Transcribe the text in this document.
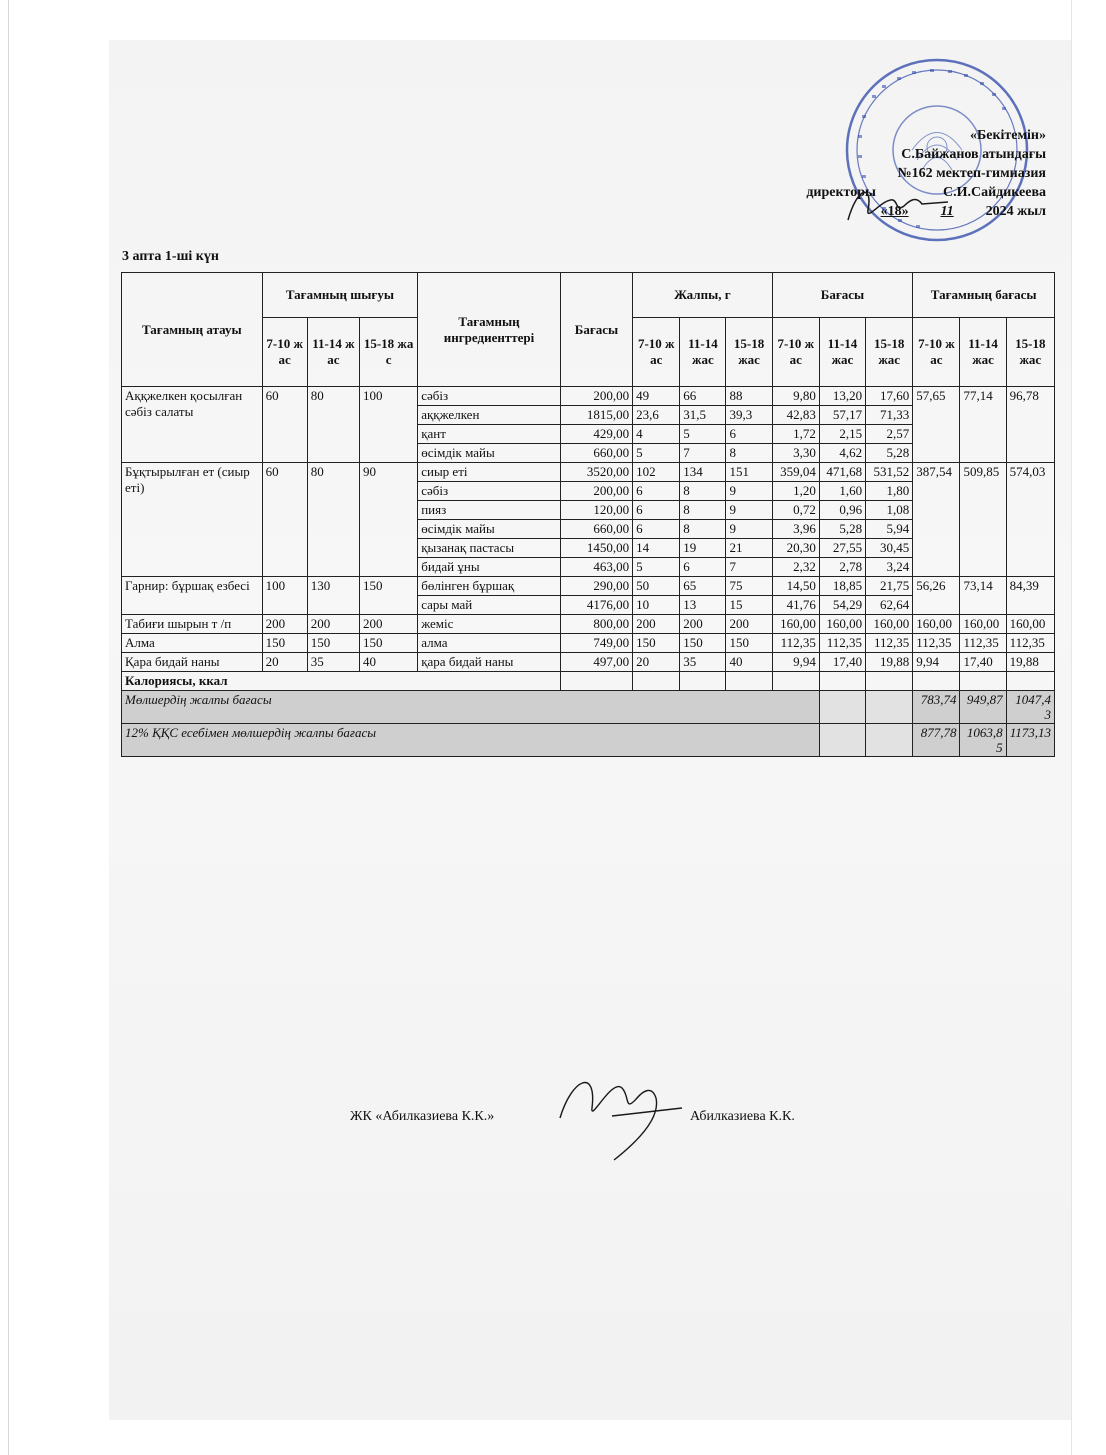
«Бекітемін»
С.Байжанов атындағы
№162 мектеп-гимназия
директоры	С.И.Сайдикеева
«18» 11 2024 жыл
3 апта 1-ші күн
Тағамның атауы	Тағамның шығуы			Тағамның ингредиенттері	Бағасы	Жалпы, г			Бағасы			Тағамның бағасы		
	7-10 жас	11-14 жас	15-18 жас			7-10 жас	11-14 жас	15-18 жас	7-10 жас	11-14 жас	15-18 жас	7-10 жас	11-14 жас	15-18 жас
Аққжелкен қосылған сәбіз салаты	60	80	100	сәбіз	200,00	49	66	88	9,80	13,20	17,60	57,65	77,14	96,78
				аққжелкен	1815,00	23,6	31,5	39,3	42,83	57,17	71,33			
				қант	429,00	4	5	6	1,72	2,15	2,57			
				өсімдік майы	660,00	5	7	8	3,30	4,62	5,28			
Бұқтырылған ет (сиыр еті)	60	80	90	сиыр еті	3520,00	102	134	151	359,04	471,68	531,52	387,54	509,85	574,03
				сәбіз	200,00	6	8	9	1,20	1,60	1,80			
				пияз	120,00	6	8	9	0,72	0,96	1,08			
				өсімдік майы	660,00	6	8	9	3,96	5,28	5,94			
				қызанақ пастасы	1450,00	14	19	21	20,30	27,55	30,45			
				бидай ұны	463,00	5	6	7	2,32	2,78	3,24			
Гарнир: бұршақ езбесі	100	130	150	бөлінген бұршақ	290,00	50	65	75	14,50	18,85	21,75	56,26	73,14	84,39
				сары май	4176,00	10	13	15	41,76	54,29	62,64			
Табиғи шырын т /п	200	200	200	жеміс	800,00	200	200	200	160,00	160,00	160,00	160,00	160,00	160,00
Алма	150	150	150	алма	749,00	150	150	150	112,35	112,35	112,35	112,35	112,35	112,35
Қара бидай наны	20	35	40	қара бидай наны	497,00	20	35	40	9,94	17,40	19,88	9,94	17,40	19,88
Калориясы, ккал														
Мөлшердің жалпы бағасы												783,74	949,87	1047,43
12% ҚҚС есебімен мөлшердің жалпы бағасы												877,78	1063,85	1173,13
ЖК «Абилказиева К.К.»	Абилказиева К.К.
